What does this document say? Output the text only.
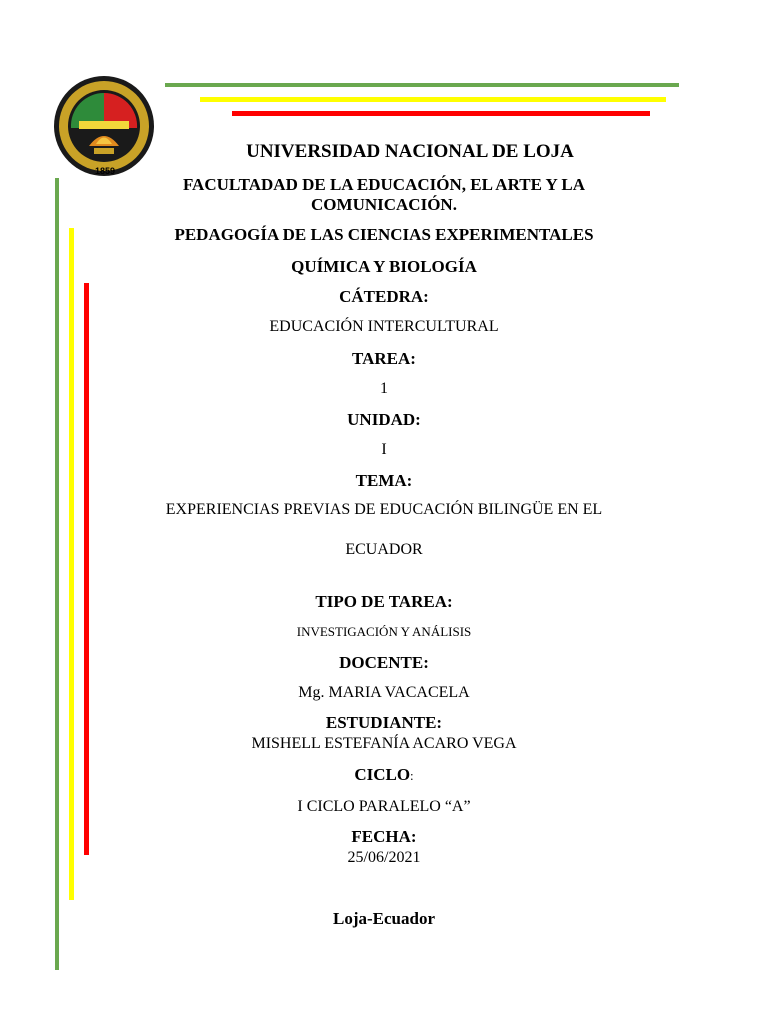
1859
UNIVERSIDAD NACIONAL DE LOJA
FACULTADAD DE LA EDUCACIÓN, EL ARTE Y LA
COMUNICACIÓN.
PEDAGOGÍA DE LAS CIENCIAS EXPERIMENTALES
QUÍMICA Y BIOLOGÍA
CÁTEDRA:
EDUCACIÓN INTERCULTURAL
TAREA:
1
UNIDAD:
I
TEMA:
EXPERIENCIAS PREVIAS DE EDUCACIÓN BILINGÜE EN EL
ECUADOR
TIPO DE TAREA:
INVESTIGACIÓN Y ANÁLISIS
DOCENTE:
Mg. MARIA VACACELA
ESTUDIANTE:
MISHELL ESTEFANÍA ACARO VEGA
CICLO:
I CICLO PARALELO “A”
FECHA:
25/06/2021
Loja-Ecuador
